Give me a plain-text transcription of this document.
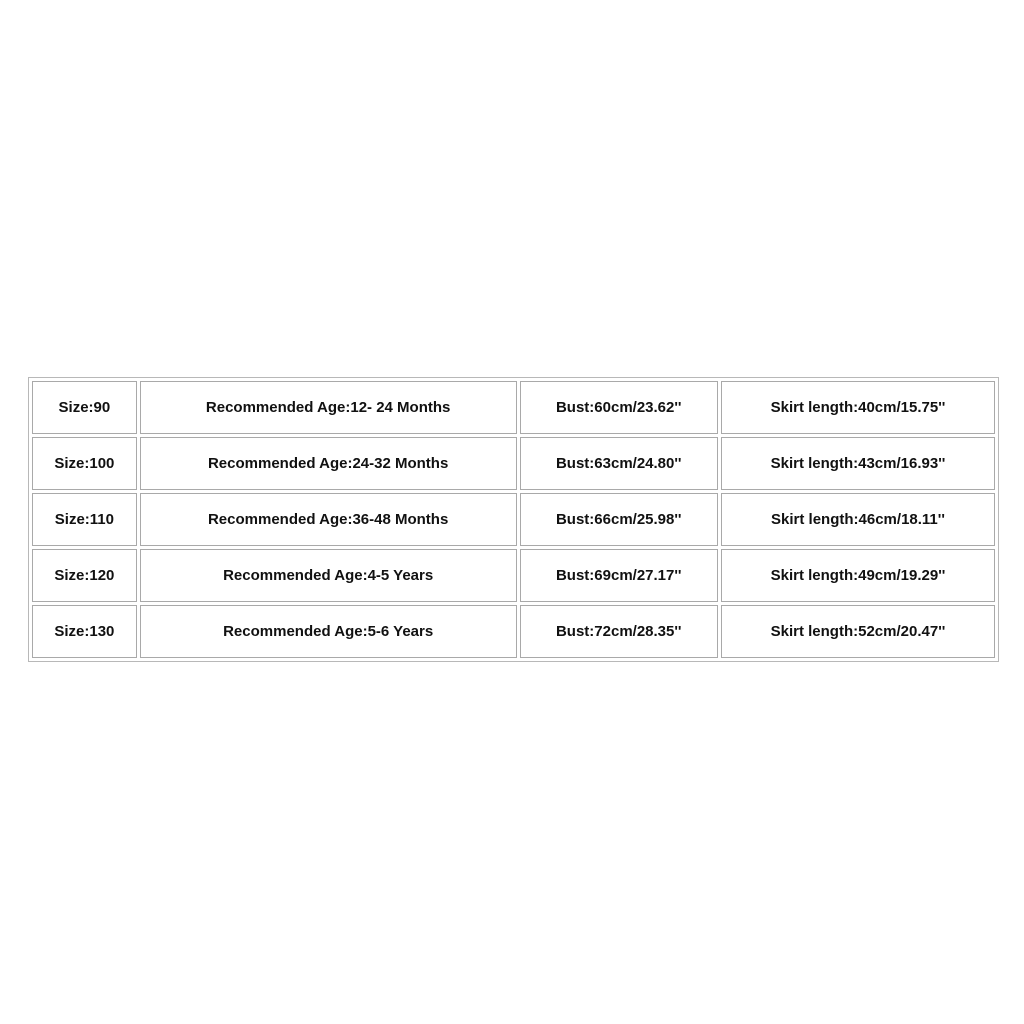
Size:90	Recommended Age:12- 24 Months	Bust:60cm/23.62''	Skirt length:40cm/15.75''
Size:100	Recommended Age:24-32 Months	Bust:63cm/24.80''	Skirt length:43cm/16.93''
Size:110	Recommended Age:36-48 Months	Bust:66cm/25.98''	Skirt length:46cm/18.11''
Size:120	Recommended Age:4-5 Years	Bust:69cm/27.17''	Skirt length:49cm/19.29''
Size:130	Recommended Age:5-6 Years	Bust:72cm/28.35''	Skirt length:52cm/20.47''
